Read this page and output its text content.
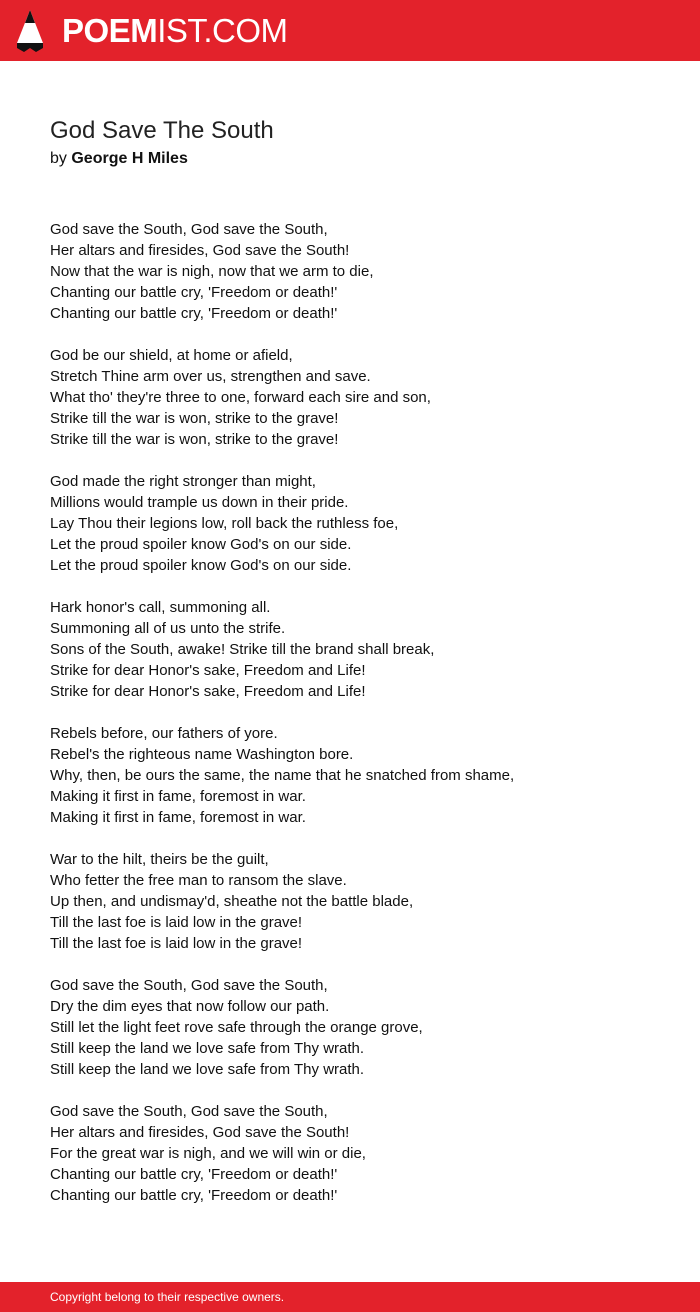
POEMIST.COM
God Save The South
by George H Miles
God save the South, God save the South,
Her altars and firesides, God save the South!
Now that the war is nigh, now that we arm to die,
Chanting our battle cry, 'Freedom or death!'
Chanting our battle cry, 'Freedom or death!'
God be our shield, at home or afield,
Stretch Thine arm over us, strengthen and save.
What tho' they're three to one, forward each sire and son,
Strike till the war is won, strike to the grave!
Strike till the war is won, strike to the grave!
God made the right stronger than might,
Millions would trample us down in their pride.
Lay Thou their legions low, roll back the ruthless foe,
Let the proud spoiler know God's on our side.
Let the proud spoiler know God's on our side.
Hark honor's call, summoning all.
Summoning all of us unto the strife.
Sons of the South, awake! Strike till the brand shall break,
Strike for dear Honor's sake, Freedom and Life!
Strike for dear Honor's sake, Freedom and Life!
Rebels before, our fathers of yore.
Rebel's the righteous name Washington bore.
Why, then, be ours the same, the name that he snatched from shame,
Making it first in fame, foremost in war.
Making it first in fame, foremost in war.
War to the hilt, theirs be the guilt,
Who fetter the free man to ransom the slave.
Up then, and undismay'd, sheathe not the battle blade,
Till the last foe is laid low in the grave!
Till the last foe is laid low in the grave!
God save the South, God save the South,
Dry the dim eyes that now follow our path.
Still let the light feet rove safe through the orange grove,
Still keep the land we love safe from Thy wrath.
Still keep the land we love safe from Thy wrath.
God save the South, God save the South,
Her altars and firesides, God save the South!
For the great war is nigh, and we will win or die,
Chanting our battle cry, 'Freedom or death!'
Chanting our battle cry, 'Freedom or death!'
Copyright belong to their respective owners.
